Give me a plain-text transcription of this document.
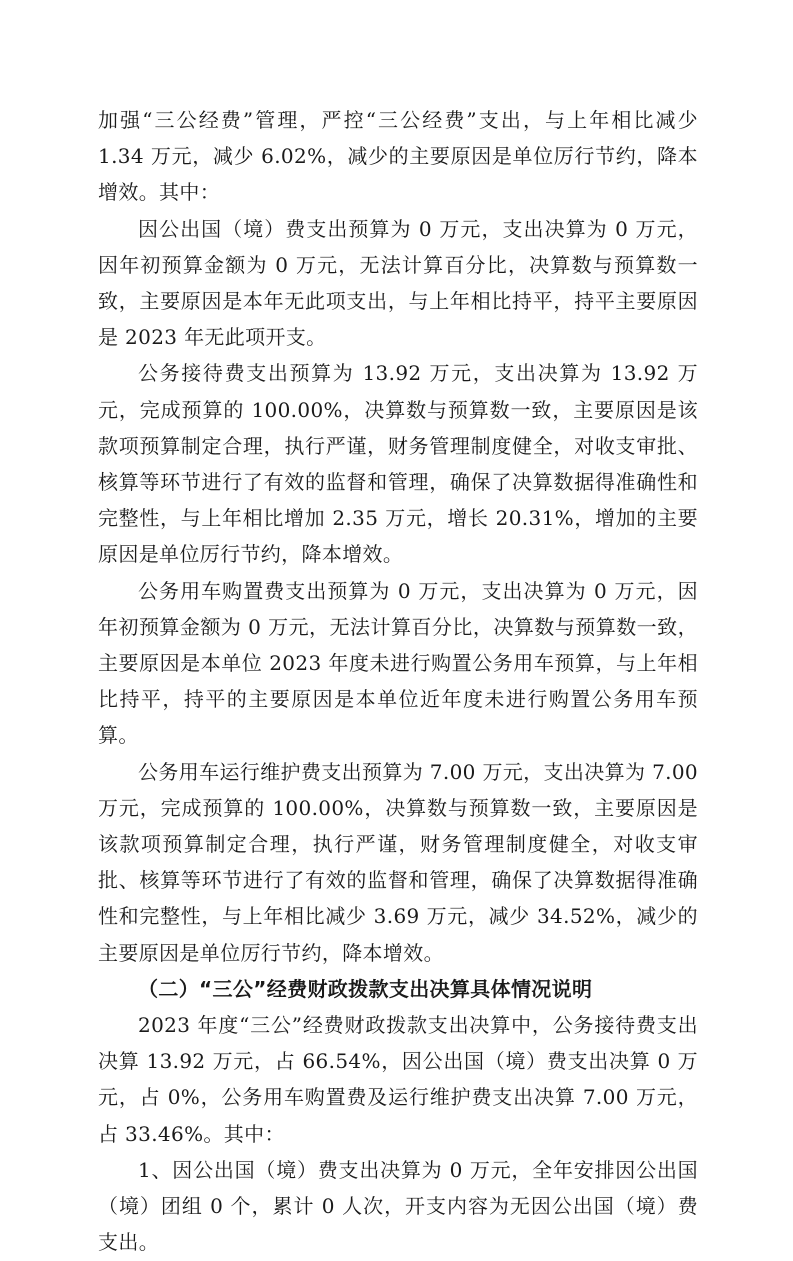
加强“三公经费”管理，严控“三公经费”支出，与上年相比减少 1.34 万元，减少 6.02%，减少的主要原因是单位厉行节约，降本增效。其中：

因公出国（境）费支出预算为 0 万元，支出决算为 0 万元，因年初预算金额为 0 万元，无法计算百分比，决算数与预算数一致，主要原因是本年无此项支出，与上年相比持平，持平主要原因是 2023 年无此项开支。

公务接待费支出预算为 13.92 万元，支出决算为 13.92 万元，完成预算的 100.00%，决算数与预算数一致，主要原因是该款项预算制定合理，执行严谨，财务管理制度健全，对收支审批、核算等环节进行了有效的监督和管理，确保了决算数据得准确性和完整性，与上年相比增加 2.35 万元，增长 20.31%，增加的主要原因是单位厉行节约，降本增效。

公务用车购置费支出预算为 0 万元，支出决算为 0 万元，因年初预算金额为 0 万元，无法计算百分比，决算数与预算数一致，主要原因是本单位 2023 年度未进行购置公务用车预算，与上年相比持平，持平的主要原因是本单位近年度未进行购置公务用车预算。

公务用车运行维护费支出预算为 7.00 万元，支出决算为 7.00 万元，完成预算的 100.00%，决算数与预算数一致，主要原因是该款项预算制定合理，执行严谨，财务管理制度健全，对收支审批、核算等环节进行了有效的监督和管理，确保了决算数据得准确性和完整性，与上年相比减少 3.69 万元，减少 34.52%，减少的主要原因是单位厉行节约，降本增效。

（二）“三公”经费财政拨款支出决算具体情况说明

2023 年度“三公”经费财政拨款支出决算中，公务接待费支出决算 13.92 万元，占 66.54%，因公出国（境）费支出决算 0 万元，占 0%，公务用车购置费及运行维护费支出决算 7.00 万元，占 33.46%。其中：

1、因公出国（境）费支出决算为 0 万元，全年安排因公出国（境）团组 0 个，累计 0 人次，开支内容为无因公出国（境）费支出。
